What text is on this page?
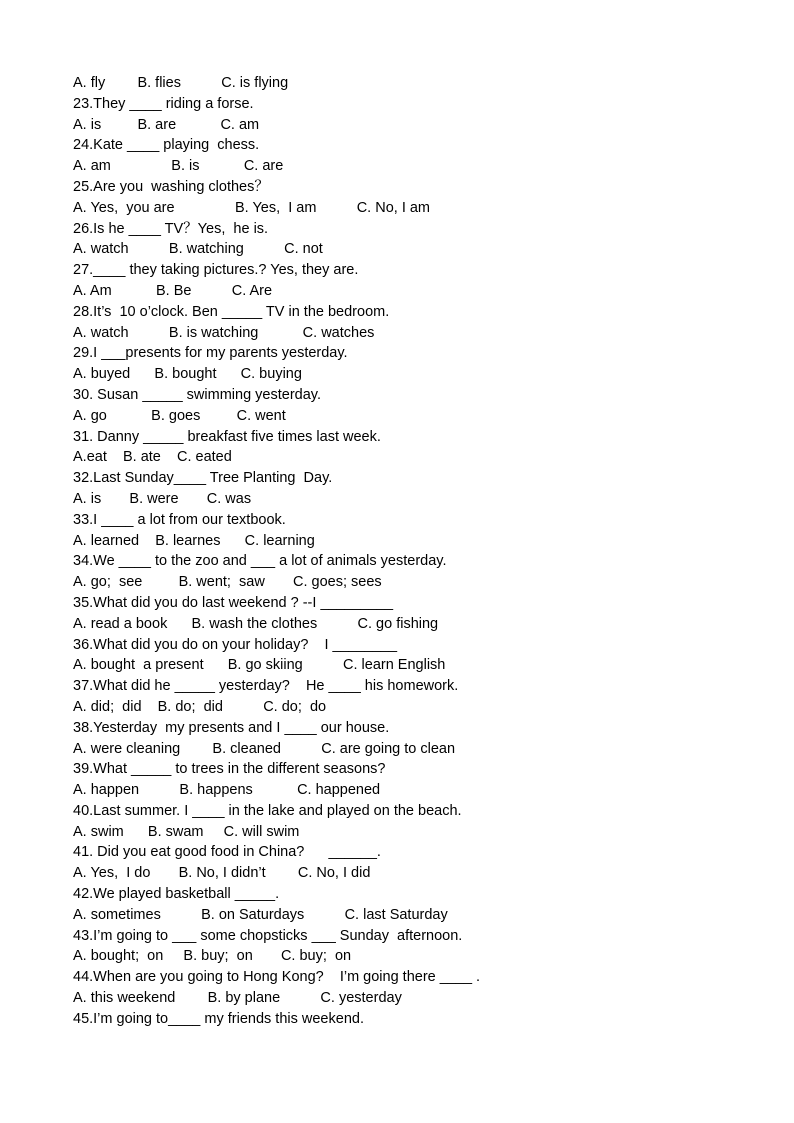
A. fly        B. flies          C. is flying
23.They ____ riding a forse.
A. is         B. are           C. am
24.Kate ____ playing  chess.
A. am               B. is           C. are
25.Are you  washing clothes？
A. Yes,  you are               B. Yes,  I am          C. No, I am
26.Is he ____ TV？Yes,  he is.
A. watch          B. watching          C. not
27.____ they taking pictures.? Yes, they are.
A. Am           B. Be          C. Are
28.It’s  10 o’clock. Ben _____ TV in the bedroom.
A. watch          B. is watching           C. watches
29.I ___presents for my parents yesterday.
A. buyed      B. bought      C. buying
30. Susan _____ swimming yesterday.
A. go           B. goes         C. went
31. Danny _____ breakfast five times last week.
A.eat    B. ate    C. eated
32.Last Sunday____ Tree Planting  Day.
A. is       B. were       C. was
33.I ____ a lot from our textbook.
A. learned    B. learnes      C. learning
34.We ____ to the zoo and ___ a lot of animals yesterday.
A. go;  see         B. went;  saw       C. goes; sees
35.What did you do last weekend ? --I _________
A. read a book      B. wash the clothes          C. go fishing
36.What did you do on your holiday?    I ________
A. bought  a present      B. go skiing          C. learn English
37.What did he _____ yesterday?    He ____ his homework.
A. did;  did    B. do;  did          C. do;  do
38.Yesterday  my presents and I ____ our house.
A. were cleaning        B. cleaned          C. are going to clean
39.What _____ to trees in the different seasons?
A. happen          B. happens           C. happened
40.Last summer. I ____ in the lake and played on the beach.
A. swim      B. swam     C. will swim
41. Did you eat good food in China?      ______.
A. Yes,  I do       B. No, I didn’t        C. No, I did
42.We played basketball _____.
A. sometimes          B. on Saturdays          C. last Saturday
43.I’m going to ___ some chopsticks ___ Sunday  afternoon.
A. bought;  on     B. buy;  on       C. buy;  on
44.When are you going to Hong Kong?    I’m going there ____ .
A. this weekend        B. by plane          C. yesterday
45.I’m going to____ my friends this weekend.
